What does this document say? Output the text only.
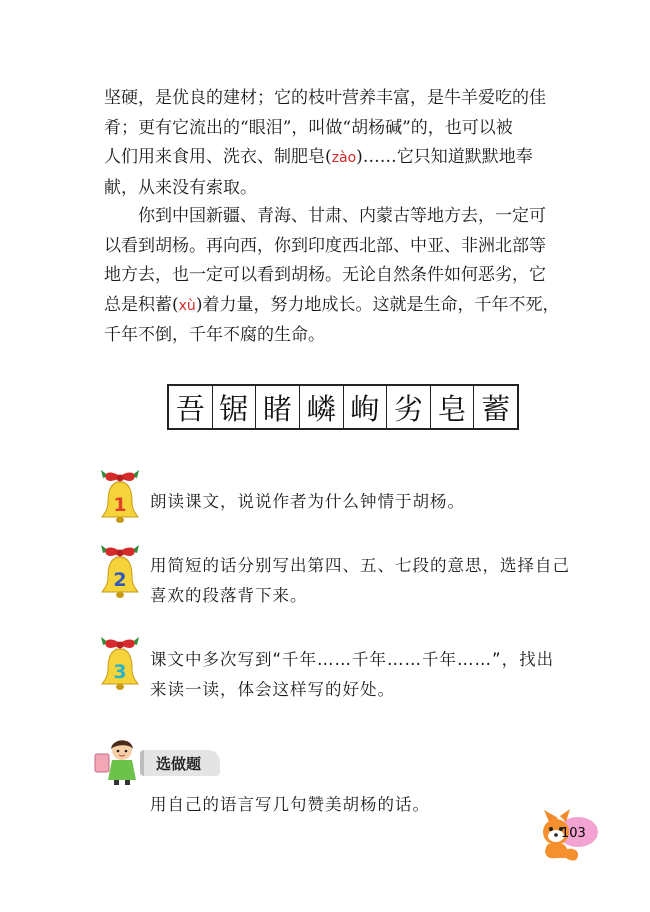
坚硬，是优良的建材；它的枝叶营养丰富，是牛羊爱吃的佳
肴；更有它流出的“眼泪”，叫做“胡杨碱”的，也可以被
人们用来食用、洗衣、制肥皂(zào)……它只知道默默地奉
献，从来没有索取。
　　你到中国新疆、青海、甘肃、内蒙古等地方去，一定可
以看到胡杨。再向西，你到印度西北部、中亚、非洲北部等
地方去，也一定可以看到胡杨。无论自然条件如何恶劣，它
总是积蓄(xù)着力量，努力地成长。这就是生命，千年不死，
千年不倒，千年不腐的生命。
吾 锯 睹 嶙 峋 劣 皂 蓄
1 朗读课文，说说作者为什么钟情于胡杨。
2
用简短的话分别写出第四、五、七段的意思，选择自己
喜欢的段落背下来。
3
课文中多次写到“千年……千年……千年……”，找出
来读一读，体会这样写的好处。
选做题
用自己的语言写几句赞美胡杨的话。
103
